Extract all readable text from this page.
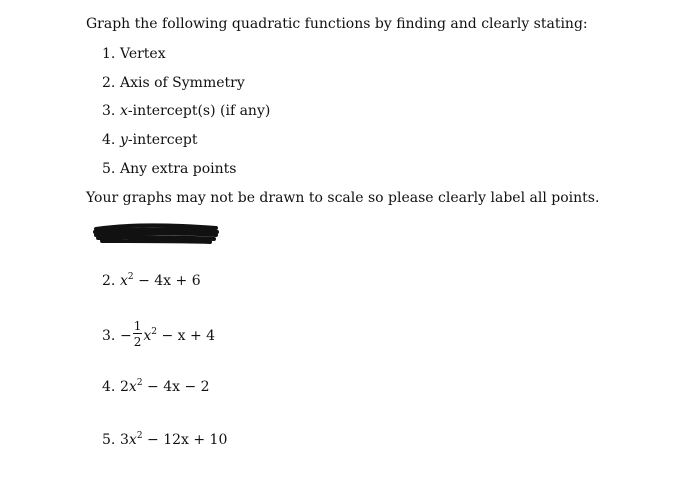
Graph the following quadratic functions by finding and clearly stating:
1. Vertex
2. Axis of Symmetry
3. x-intercept(s) (if any)
4. y-intercept
5. Any extra points
Your graphs may not be drawn to scale so please clearly label all points.
2. $x^2 - 4x + 6$
3. − $\frac{1}{2} x^2 - x + 4$
4. $2x^2 - 4x - 2$
5. $3x^2 - 12x + 10$
